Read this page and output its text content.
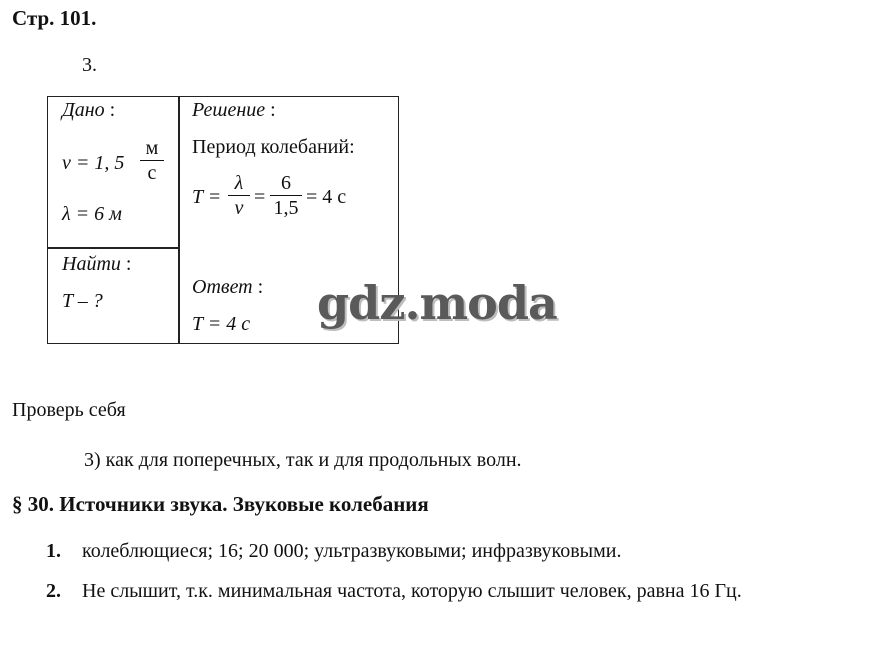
Стр. 101.
3.
Дано :
v = 1, 5
м
с
λ = 6 м
Найти :
T – ?
Решение :
Период колебаний:
T =
λ
v =
6
1,5 = 4 с
Ответ :
T = 4 с gdz.moda
Проверь себя
3) как для поперечных, так и для продольных волн.
§ 30. Источники звука. Звуковые колебания
1. колеблющиеся; 16; 20 000; ультразвуковыми; инфразвуковыми.
2. Не слышит, т.к. минимальная частота, которую слышит человек, равна 16 Гц.
